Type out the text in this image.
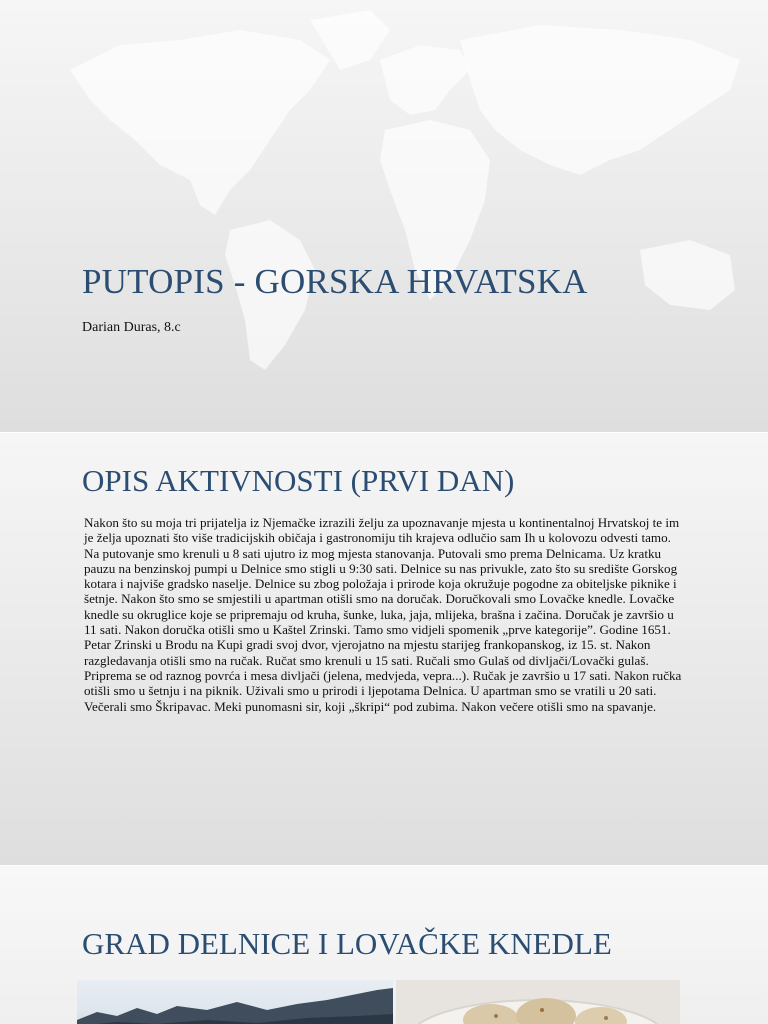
PUTOPIS - GORSKA HRVATSKA

Darian Duras, 8.c

OPIS AKTIVNOSTI (PRVI DAN)

Nakon što su moja tri prijatelja iz Njemačke izrazili želju za upoznavanje mjesta u kontinentalnoj Hrvatskoj te im je želja upoznati što više tradicijskih običaja i gastronomiju tih krajeva odlučio sam Ih u kolovozu odvesti tamo. Na putovanje smo krenuli u 8 sati ujutro iz mog mjesta stanovanja. Putovali smo prema Delnicama. Uz kratku pauzu na benzinskoj pumpi u Delnice smo stigli u 9:30 sati. Delnice su nas privukle, zato što su središte Gorskog kotara i najviše gradsko naselje. Delnice su zbog položaja i prirode koja okružuje pogodne za obiteljske piknike i šetnje. Nakon što smo se smjestili u apartman otišli smo na doručak. Doručkovali smo Lovačke knedle. Lovačke knedle su okruglice koje se pripremaju od kruha, šunke, luka, jaja, mlijeka, brašna i začina. Doručak je završio u 11 sati. Nakon doručka otišli smo u Kaštel Zrinski. Tamo smo vidjeli spomenik „prve kategorije”. Godine 1651. Petar Zrinski u Brodu na Kupi gradi svoj dvor, vjerojatno na mjestu starijeg frankopanskog, iz 15. st. Nakon razgledavanja otišli smo na ručak. Ručat smo krenuli u 15 sati. Ručali smo Gulaš od divljači/Lovački gulaš. Priprema se od raznog povrća i mesa divljači (jelena, medvjeda, vepra...). Ručak je završio u 17 sati. Nakon ručka otišli smo u šetnju i na piknik. Uživali smo u prirodi i ljepotama Delnica. U apartman smo se vratili u 20 sati. Večerali smo Škripavac. Meki punomasni sir, koji „škripi“ pod zubima. Nakon večere otišli smo na spavanje.

GRAD DELNICE I LOVAČKE KNEDLE
